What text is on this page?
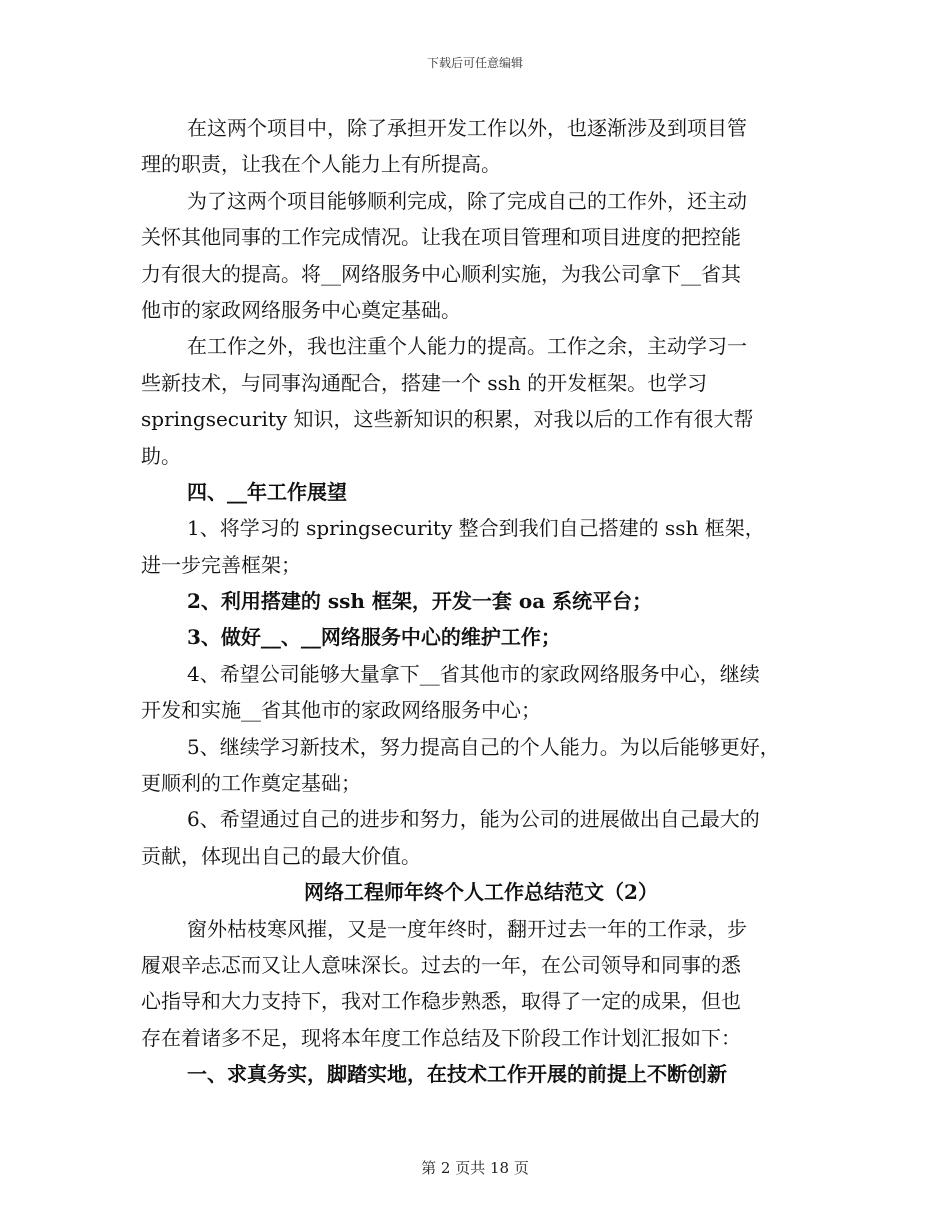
下载后可任意编辑
在这两个项目中，除了承担开发工作以外，也逐渐涉及到项目管
理的职责，让我在个人能力上有所提高。
为了这两个项目能够顺利完成，除了完成自己的工作外，还主动
关怀其他同事的工作完成情况。让我在项目管理和项目进度的把控能
力有很大的提高。将__网络服务中心顺利实施，为我公司拿下__省其
他市的家政网络服务中心奠定基础。
在工作之外，我也注重个人能力的提高。工作之余，主动学习一
些新技术，与同事沟通配合，搭建一个 ssh 的开发框架。也学习
springsecurity 知识，这些新知识的积累，对我以后的工作有很大帮
助。
四、__年工作展望
1、将学习的 springsecurity 整合到我们自己搭建的 ssh 框架，
进一步完善框架；
2、利用搭建的 ssh 框架，开发一套 oa 系统平台；
3、做好__、__网络服务中心的维护工作；
4、希望公司能够大量拿下__省其他市的家政网络服务中心，继续
开发和实施__省其他市的家政网络服务中心；
5、继续学习新技术，努力提高自己的个人能力。为以后能够更好，
更顺利的工作奠定基础；
6、希望通过自己的进步和努力，能为公司的进展做出自己最大的
贡献，体现出自己的最大价值。
网络工程师年终个人工作总结范文（2）
窗外枯枝寒风摧，又是一度年终时，翻开过去一年的工作录，步
履艰辛忐忑而又让人意味深长。过去的一年，在公司领导和同事的悉
心指导和大力支持下，我对工作稳步熟悉，取得了一定的成果，但也
存在着诸多不足，现将本年度工作总结及下阶段工作计划汇报如下：
一、求真务实，脚踏实地，在技术工作开展的前提上不断创新
第 2 页共 18 页
